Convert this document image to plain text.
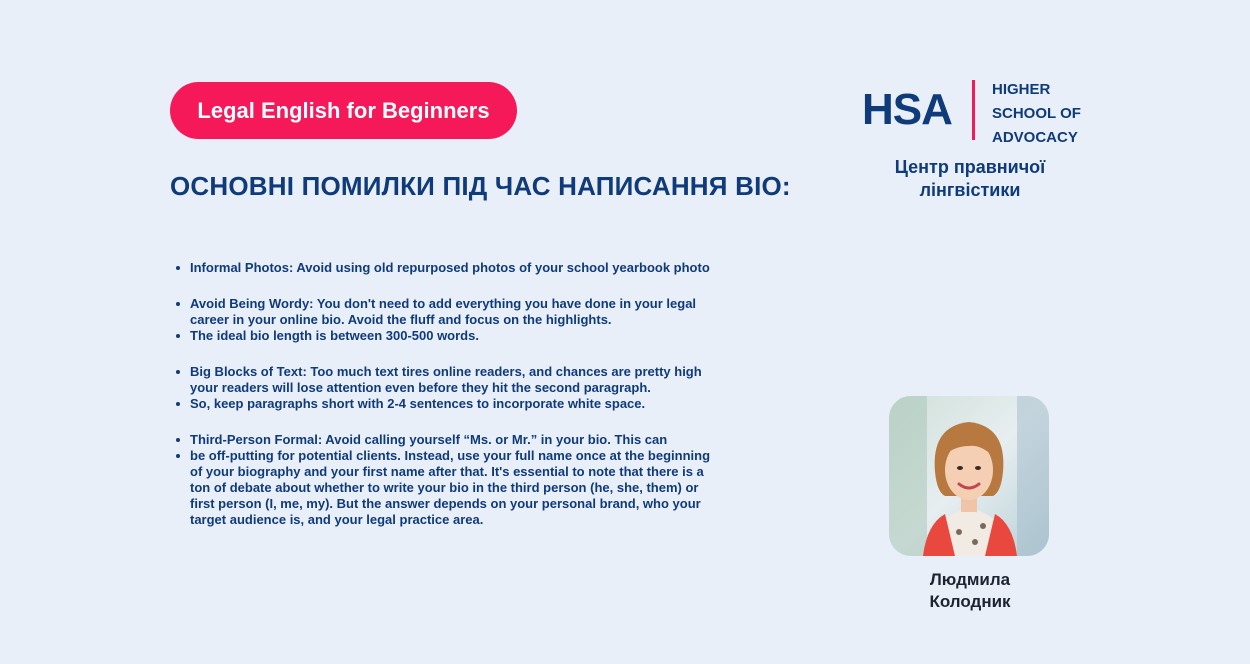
Legal English for Beginners
ОСНОВНІ ПОМИЛКИ ПІД ЧАС НАПИСАННЯ ВІО:
HSA	HIGHER
SCHOOL OF
ADVOCACY
Центр правничої
лінгвістики
Informal Photos: Avoid using old repurposed photos of your school yearbook photo
Avoid Being Wordy: You don't need to add everything you have done in your legal career in your online bio. Avoid the fluff and focus on the highlights.
The ideal bio length is between 300-500 words.
Big Blocks of Text: Too much text tires online readers, and chances are pretty high your readers will lose attention even before they hit the second paragraph.
So, keep paragraphs short with 2-4 sentences to incorporate white space.
Third-Person Formal: Avoid calling yourself “Ms. or Mr.” in your bio. This can
be off-putting for potential clients. Instead, use your full name once at the beginning of your biography and your first name after that. It's essential to note that there is a ton of debate about whether to write your bio in the third person (he, she, them) or first person (I, me, my). But the answer depends on your personal brand, who your target audience is, and your legal practice area.
Людмила
Колодник
